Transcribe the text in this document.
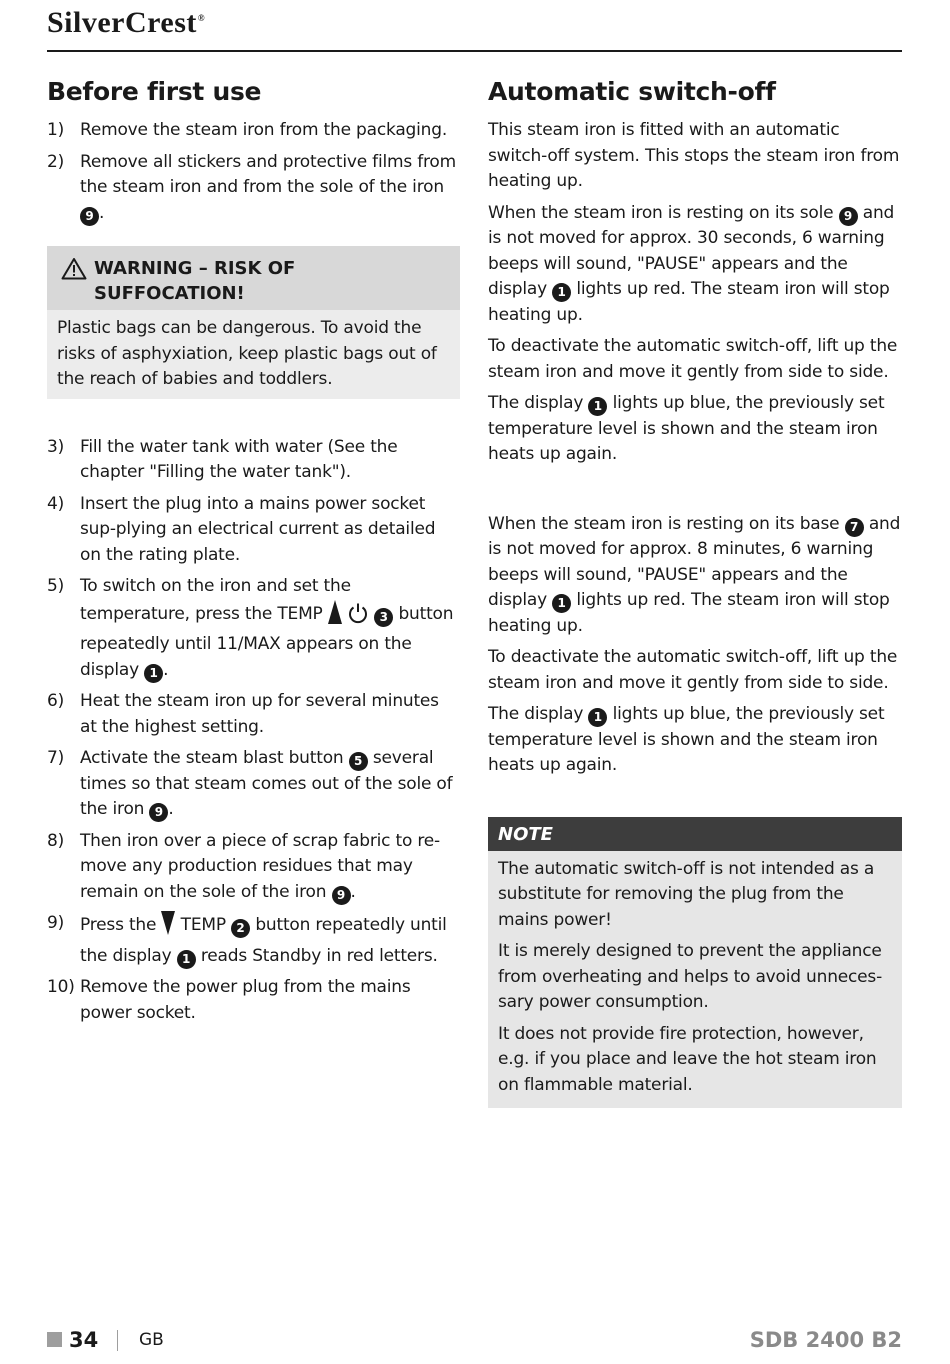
SilverCrest®
Before first use
1) Remove the steam iron from the packaging.
2) Remove all stickers and protective films from the steam iron and from the sole of the iron 9 .
WARNING – RISK OF
SUFFOCATION!
Plastic bags can be dangerous. To avoid the risks of asphyxiation, keep plastic bags out of the reach of babies and toddlers.
3) Fill the water tank with water (See the chapter "Filling the water tank").
4) Insert the plug into a mains power socket sup-plying an electrical current as detailed on the rating plate.
5) To switch on the iron and set the temperature, press the TEMP	3 button repeatedly until 11/MAX appears on the display 1 .
6) Heat the steam iron up for several minutes at the highest setting.
7) Activate the steam blast button 5 several times so that steam comes out of the sole of the iron 9 .
8) Then iron over a piece of scrap fabric to re-move any production residues that may remain on the sole of the iron 9 .
9) Press the  TEMP 2 button repeatedly until the display 1 reads Standby in red letters.
10) Remove the power plug from the mains power socket.
Automatic switch-off

This steam iron is fitted with an automatic switch-off system. This stops the steam iron from heating up.

When the steam iron is resting on its sole 9 and is not moved for approx. 30 seconds, 6 warning beeps will sound, "PAUSE" appears and the display 1 lights up red. The steam iron will stop heating up.

To deactivate the automatic switch-off, lift up the steam iron and move it gently from side to side.

The display 1 lights up blue, the previously set temperature level is shown and the steam iron heats up again.

When the steam iron is resting on its base 7 and is not moved for approx. 8 minutes, 6 warning beeps will sound, "PAUSE" appears and the display 1 lights up red. The steam iron will stop heating up.

To deactivate the automatic switch-off, lift up the steam iron and move it gently from side to side.

The display 1 lights up blue, the previously set temperature level is shown and the steam iron heats up again.

NOTE

The automatic switch-off is not intended as a substitute for removing the plug from the mains power!

It is merely designed to prevent the appliance from overheating and helps to avoid unneces-sary power consumption.

It does not provide fire protection, however, e.g. if you place and leave the hot steam iron on flammable material.

34 GB	SDB 2400 B2
